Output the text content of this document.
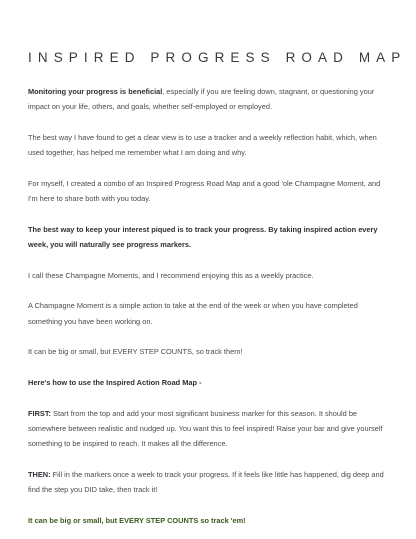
INSPIRED PROGRESS ROAD MAP

Monitoring your progress is beneficial, especially if you are feeling down, stagnant, or questioning your impact on your life, others, and goals, whether self-employed or employed.

The best way I have found to get a clear view is to use a tracker and a weekly reflection habit, which, when used together, has helped me remember what I am doing and why.

For myself, I created a combo of an Inspired Progress Road Map and a good 'ole Champagne Moment, and I'm here to share both with you today.

The best way to keep your interest piqued is to track your progress. By taking inspired action every week, you will naturally see progress markers.

I call these Champagne Moments, and I recommend enjoying this as a weekly practice.

A Champagne Moment is a simple action to take at the end of the week or when you have completed something you have been working on.

It can be big or small, but EVERY STEP COUNTS, so track them!

Here's how to use the Inspired Action Road Map -

FIRST: Start from the top and add your most significant business marker for this season. It should be somewhere between realistic and nudged up. You want this to feel inspired! Raise your bar and give yourself something to be inspired to reach. It makes all the difference.

THEN: Fill in the markers once a week to track your progress. If it feels like little has happened, dig deep and find the step you DID take, then track it!

It can be big or small, but EVERY STEP COUNTS so track 'em!
